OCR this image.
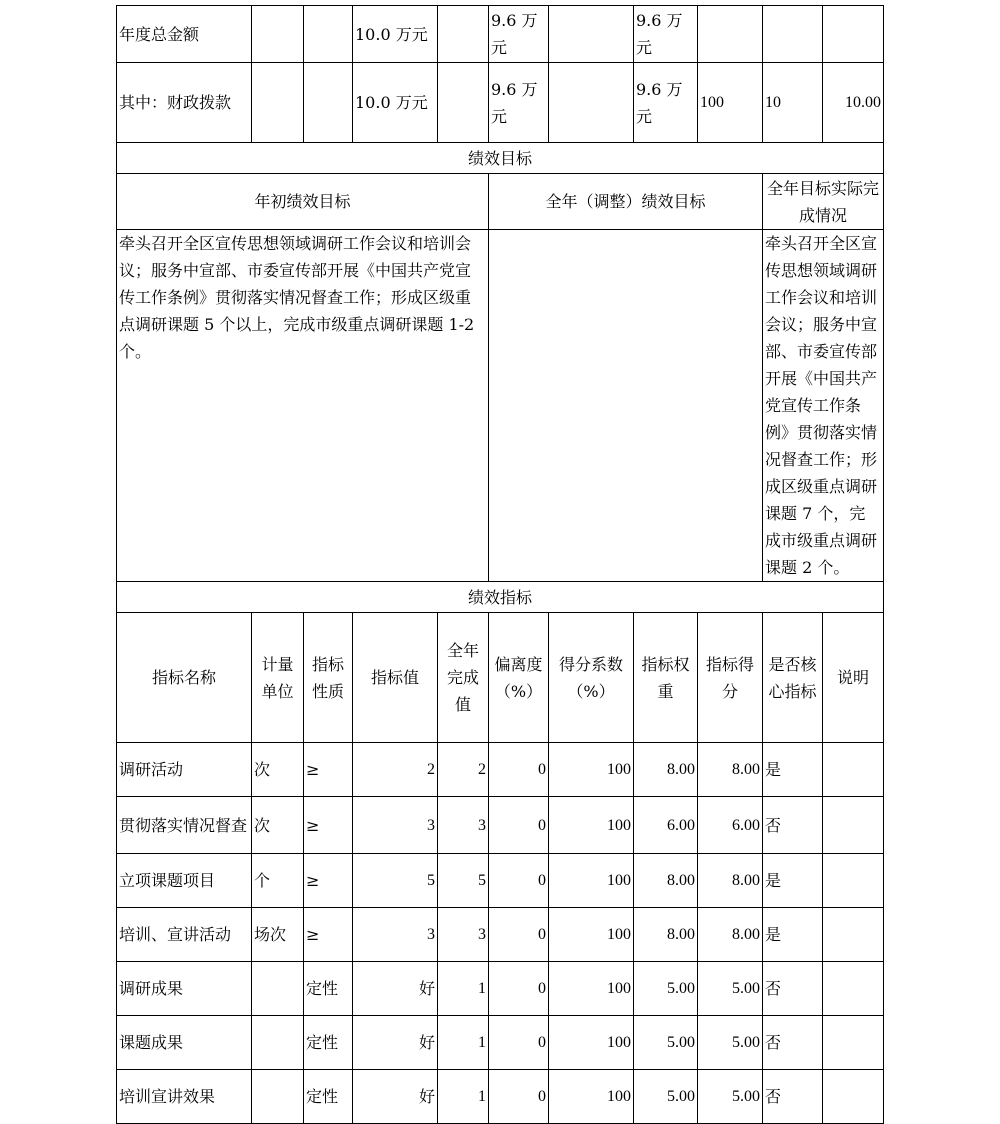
年度总金额			10.0 万元		9.6 万元		9.6 万元			
其中：财政拨款			10.0 万元		9.6 万元		9.6 万元	100	10	10.00
绩效目标										
年初绩效目标					全年（调整）绩效目标				全年目标实际完成情况	
牵头召开全区宣传思想领域调研工作会议和培训会议；服务中宣部、市委宣传部开展《中国共产党宣传工作条例》贯彻落实情况督查工作；形成区级重点调研课题 5 个以上，完成市级重点调研课题 1-2 个。									牵头召开全区宣传思想领域调研工作会议和培训会议；服务中宣部、市委宣传部开展《中国共产党宣传工作条例》贯彻落实情况督查工作；形成区级重点调研课题 7 个，完成市级重点调研课题 2 个。	
绩效指标										
指标名称	计量单位	指标性质	指标值	全年完成值	偏离度（%）	得分系数（%）	指标权重	指标得分	是否核心指标	说明
调研活动	次	≥	2	2	0	100	8.00	8.00	是	
贯彻落实情况督查	次	≥	3	3	0	100	6.00	6.00	否	
立项课题项目	个	≥	5	5	0	100	8.00	8.00	是	
培训、宣讲活动	场次	≥	3	3	0	100	8.00	8.00	是	
调研成果		定性	好	1	0	100	5.00	5.00	否	
课题成果		定性	好	1	0	100	5.00	5.00	否	
培训宣讲效果		定性	好	1	0	100	5.00	5.00	否	
